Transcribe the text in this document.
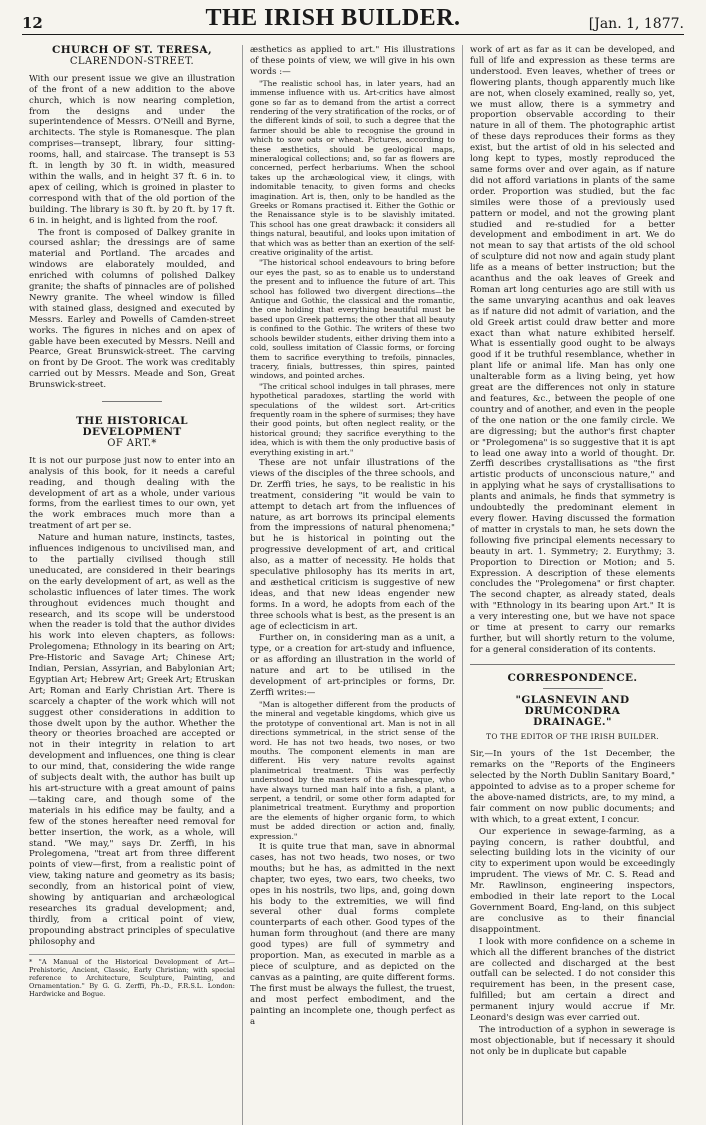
12	THE IRISH BUILDER.	[Jan. 1, 1877.
CHURCH OF ST. TERESA,
CLARENDON-STREET.

With our present issue we give an illustration of the front of a new addition to the above church, which is now nearing completion, from the designs and under the superintendence of Messrs. O'Neill and Byrne, architects. The style is Romanesque. The plan comprises—transept, library, four sitting-rooms, hall, and staircase. The transept is 53 ft. in length by 30 ft. in width, measured within the walls, and in height 37 ft. 6 in. to apex of ceiling, which is groined in plaster to correspond with that of the old portion of the building. The library is 30 ft. by 20 ft. by 17 ft. 6 in. in height, and is lighted from the roof.

The front is composed of Dalkey granite in coursed ashlar; the dressings are of same material and Portland. The arcades and windows are elaborately moulded, and enriched with columns of polished Dalkey granite; the shafts of pinnacles are of polished Newry granite. The wheel window is filled with stained glass, designed and executed by Messrs. Earley and Powells of Camden-street works. The figures in niches and on apex of gable have been executed by Messrs. Neill and Pearce, Great Brunswick-street. The carving on front by De Groot. The work was creditably carried out by Messrs. Meade and Son, Great Brunswick-street.

THE HISTORICAL DEVELOPMENT
OF ART.*

It is not our purpose just now to enter into an analysis of this book, for it needs a careful reading, and though dealing with the development of art as a whole, under various forms, from the earliest times to our own, yet the work embraces much more than a treatment of art per se.

Nature and human nature, instincts, tastes, influences indigenous to uncivilised man, and to the partially civilised though still uneducated, are considered in their bearings on the early development of art, as well as the scholastic influences of later times. The work throughout evidences much thought and research, and its scope will be understood when the reader is told that the author divides his work into eleven chapters, as follows: Prolegomena; Ethnology in its bearing on Art; Pre-Historic and Savage Art; Chinese Art; Indian, Persian, Assyrian, and Babylonian Art; Egyptian Art; Hebrew Art; Greek Art; Etruskan Art; Roman and Early Christian Art. There is scarcely a chapter of the work which will not suggest other considerations in addition to those dwelt upon by the author. Whether the theory or theories broached are accepted or not in their integrity in relation to art development and influences, one thing is clear to our mind, that, considering the wide range of subjects dealt with, the author has built up his art-structure with a great amount of pains—taking care, and though some of the materials in his edifice may be faulty, and a few of the stones hereafter need removal for better insertion, the work, as a whole, will stand. "We may," says Dr. Zerffi, in his Prolegomena, "treat art from three different points of view—first, from a realistic point of view, taking nature and geometry as its basis; secondly, from an historical point of view, showing by antiquarian and archæological researches its gradual development; and, thirdly, from a critical point of view, propounding abstract principles of speculative philosophy and

* "A Manual of the Historical Development of Art—Prehistoric, Ancient, Classic, Early Christian; with special reference to Architecture, Sculpture, Painting, and Ornamentation." By G. G. Zerffi, Ph.-D., F.R.S.L. London: Hardwicke and Bogue.

æsthetics as applied to art." His illustrations of these points of view, we will give in his own words :—

"The realistic school has, in later years, had an immense influence with us. Art-critics have almost gone so far as to demand from the artist a correct rendering of the very stratification of the rocks, or of the different kinds of soil, to such a degree that the farmer should be able to recognise the ground in which to sow oats or wheat. Pictures, according to these æsthetics, should be geological maps, mineralogical collections; and, so far as flowers are concerned, perfect herbariums. When the school takes up the archæological view, it clings, with indomitable tenacity, to given forms and checks imagination. Art is, then, only to be handled as the Greeks or Romans practised it. Either the Gothic or the Renaissance style is to be slavishly imitated. This school has one great drawback: it considers all things natural, beautiful, and looks upon imitation of that which was as better than an exertion of the self-creative originality of the artist.

"The historical school endeavours to bring before our eyes the past, so as to enable us to understand the present and to influence the future of art. This school has followed two divergent directions—the Antique and Gothic, the classical and the romantic, the one holding that everything beautiful must be based upon Greek patterns; the other that all beauty is confined to the Gothic. The writers of these two schools bewilder students, either driving them into a cold, soulless imitation of Classic forms, or forcing them to sacrifice everything to trefoils, pinnacles, tracery, finials, buttresses, thin spires, painted windows, and pointed arches.

"The critical school indulges in tall phrases, mere hypothetical paradoxes, startling the world with speculations of the wildest sort. Art-critics frequently roam in the sphere of surmises; they have their good points, but often neglect reality, or the historical ground; they sacrifice everything to the idea, which is with them the only productive basis of everything existing in art."

These are not unfair illustrations of the views of the disciples of the three schools, and Dr. Zerffi tries, he says, to be realistic in his treatment, considering "it would be vain to attempt to detach art from the influences of nature, as art borrows its principal elements from the impressions of natural phenomena;" but he is historical in pointing out the progressive development of art, and critical also, as a matter of necessity. He holds that speculative philosophy has its merits in art, and æsthetical criticism is suggestive of new ideas, and that new ideas engender new forms. In a word, he adopts from each of the three schools what is best, as the present is an age of eclecticism in art.

Further on, in considering man as a unit, a type, or a creation for art-study and influence, or as affording an illustration in the world of nature and art to be utilised in the development of art-principles or forms, Dr. Zerffi writes:—

"Man is altogether different from the products of the mineral and vegetable kingdoms, which give us the prototype of conventional art. Man is not in all directions symmetrical, in the strict sense of the word. He has not two heads, two noses, or two mouths. The component elements in man are different. His very nature revolts against planimetrical treatment. This was perfectly understood by the masters of the arabesque, who have always turned man half into a fish, a plant, a serpent, a tendril, or some other form adapted for planimetrical treatment. Eurythmy and proportion are the elements of higher organic form, to which must be added direction or action and, finally, expression."

It is quite true that man, save in abnormal cases, has not two heads, two noses, or two mouths; but he has, as admitted in the next chapter, two eyes, two ears, two cheeks, two opes in his nostrils, two lips, and, going down his body to the extremities, we will find several other dual forms complete counterparts of each other. Good types of the human form throughout (and there are many good types) are full of symmetry and proportion. Man, as executed in marble as a piece of sculpture, and as depicted on the canvas as a painting, are quite different forms. The first must be always the fullest, the truest, and most perfect embodiment, and the painting an incomplete one, though perfect as a

work of art as far as it can be developed, and full of life and expression as these terms are understood. Even leaves, whether of trees or flowering plants, though apparently much like are not, when closely examined, really so, yet, we must allow, there is a symmetry and proportion observable according to their nature in all of them. The photographic artist of these days reproduces their forms as they exist, but the artist of old in his selected and long kept to types, mostly reproduced the same forms over and over again, as if nature did not afford variations in plants of the same order. Proportion was studied, but the fac similes were those of a previously used pattern or model, and not the growing plant studied and re-studied for a better development and embodiment in art. We do not mean to say that artists of the old school of sculpture did not now and again study plant life as a means of better instruction; but the acanthus and the oak leaves of Greek and Roman art long centuries ago are still with us the same unvarying acanthus and oak leaves as if nature did not admit of variation, and the old Greek artist could draw better and more exact than what nature exhibited herself. What is essentially good ought to be always good if it be truthful resemblance, whether in plant life or animal life. Man has only one unalterable form as a living being, yet how great are the differences not only in stature and features, &c., between the people of one country and of another, and even in the people of the one nation or the one family circle. We are digressing; but the author's first chapter or "Prolegomena" is so suggestive that it is apt to lead one away into a world of thought. Dr. Zerffi describes crystallisations as "the first artistic products of unconscious nature," and in applying what he says of crystallisations to plants and animals, he finds that symmetry is undoubtedly the predominant element in every flower. Having discussed the formation of matter in crystals to man, he sets down the following five principal elements necessary to beauty in art. 1. Symmetry; 2. Eurythmy; 3. Proportion to Direction or Motion; and 5. Expression. A description of these elements concludes the "Prolegomena" or first chapter. The second chapter, as already stated, deals with "Ethnology in its bearing upon Art." It is a very interesting one, but we have not space or time at present to carry our remarks further, but will shortly return to the volume, for a general consideration of its contents.

CORRESPONDENCE.
"GLASNEVIN AND DRUMCONDRA
DRAINAGE."
TO THE EDITOR OF THE IRISH BUILDER.

Sir,—In yours of the 1st December, the remarks on the "Reports of the Engineers selected by the North Dublin Sanitary Board," appointed to advise as to a proper scheme for the above-named districts, are, to my mind, a fair comment on now public documents; and with which, to a great extent, I concur.

Our experience in sewage-farming, as a paying concern, is rather doubtful, and selecting building lots in the vicinity of our city to experiment upon would be exceedingly imprudent. The views of Mr. C. S. Read and Mr. Rawlinson, engineering inspectors, embodied in their late report to the Local Government Board, Eng-land, on this subject are conclusive as to their financial disappointment.

I look with more confidence on a scheme in which all the different branches of the district are collected and discharged at the best outfall can be selected. I do not consider this requirement has been, in the present case, fulfilled; but am certain a direct and permanent injury would accrue if Mr. Leonard's design was ever carried out.

The introduction of a syphon in sewerage is most objectionable, but if necessary it should not only be in duplicate but capable
